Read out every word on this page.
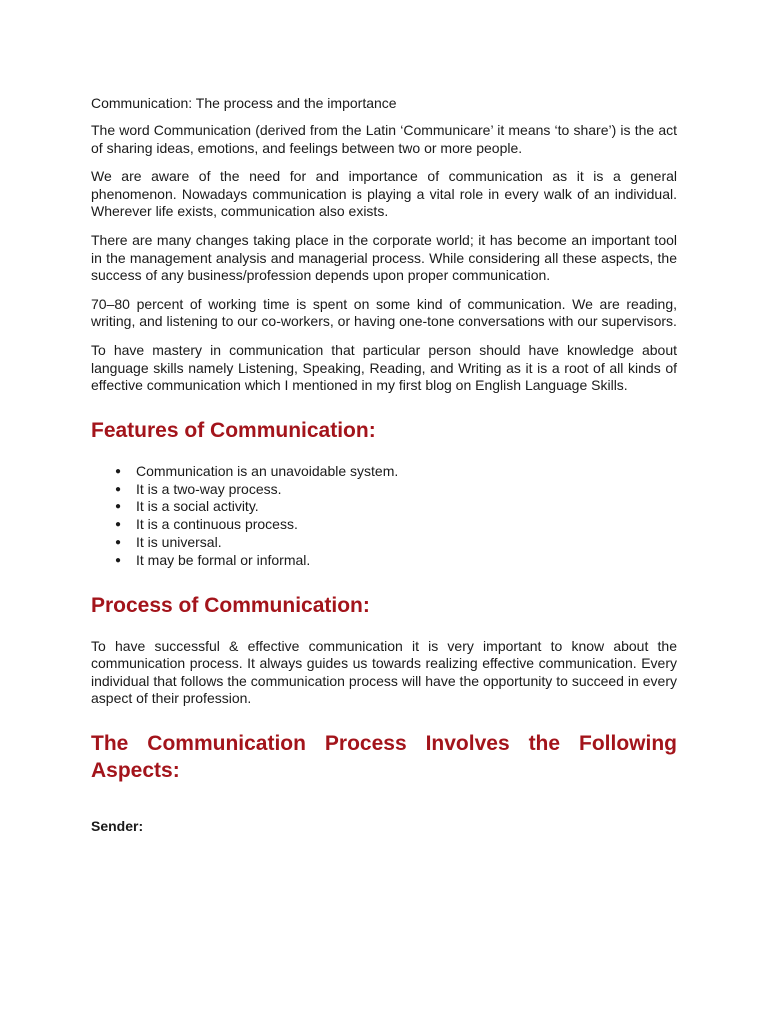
Communication: The process and the importance

The word Communication (derived from the Latin ‘Communicare’ it means ‘to share’) is the act of sharing ideas, emotions, and feelings between two or more people.

We are aware of the need for and importance of communication as it is a general phenomenon. Nowadays communication is playing a vital role in every walk of an individual. Wherever life exists, communication also exists.

There are many changes taking place in the corporate world; it has become an important tool in the management analysis and managerial process. While considering all these aspects, the success of any business/profession depends upon proper communication.

70–80 percent of working time is spent on some kind of communication. We are reading, writing, and listening to our co-workers, or having one-tone conversations with our supervisors.

To have mastery in communication that particular person should have knowledge about language skills namely Listening, Speaking, Reading, and Writing as it is a root of all kinds of effective communication which I mentioned in my first blog on English Language Skills.

Features of Communication:
● Communication is an unavoidable system.
● It is a two-way process.
● It is a social activity.
● It is a continuous process.
● It is universal.
● It may be formal or informal.
Process of Communication:

To have successful & effective communication it is very important to know about the communication process. It always guides us towards realizing effective communication. Every individual that follows the communication process will have the opportunity to succeed in every aspect of their profession.

The Communication Process Involves the Following Aspects:
Sender:
